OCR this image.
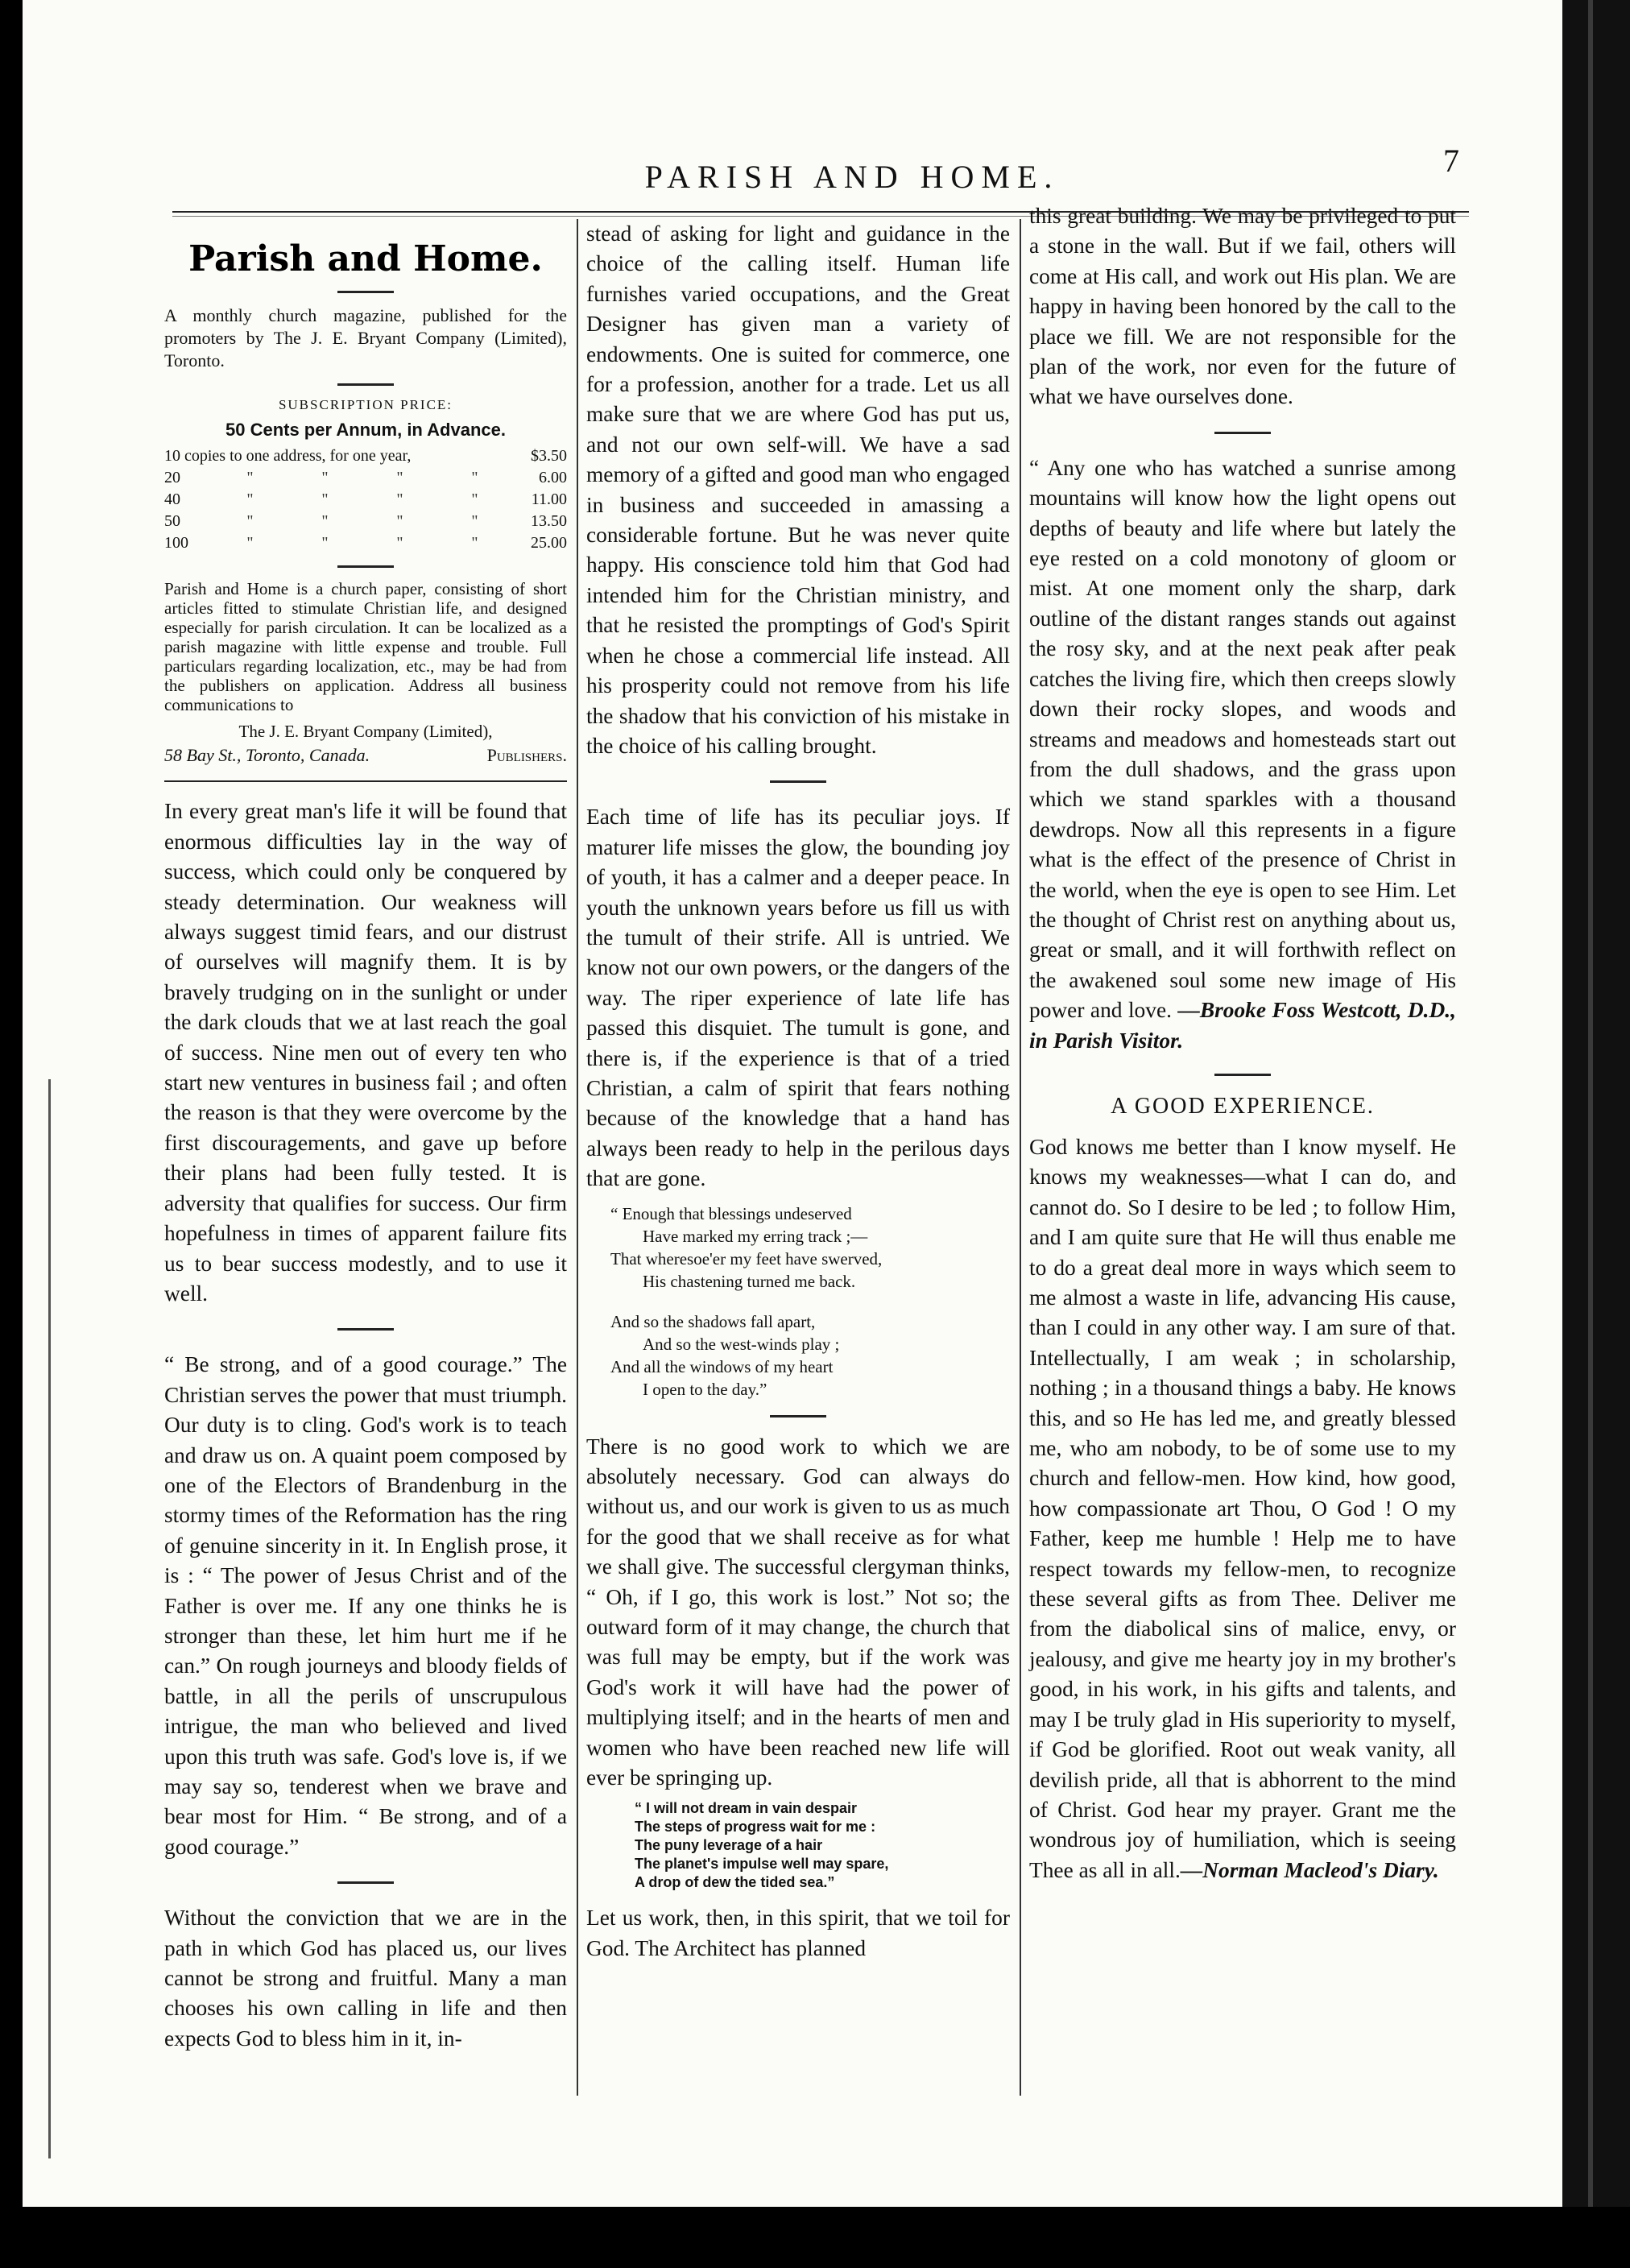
PARISH AND HOME.	7
Parish and Home.

A monthly church magazine, published for the promoters by The J. E. Bryant Company (Limited), Toronto.

SUBSCRIPTION PRICE:
50 Cents per Annum, in Advance.
10 copies to one address, for one year,					$3.50
20	"	"	"	"	6.00
40	"	"	"	"	11.00
50	"	"	"	"	13.50
100	"	"	"	"	25.00

Parish and Home is a church paper, consisting of short articles fitted to stimulate Christian life, and designed especially for parish circulation. It can be localized as a parish magazine with little expense and trouble. Full particulars regarding localization, etc., may be had from the publishers on application. Address all business communications to

The J. E. Bryant Company (Limited),

58 Bay St., Toronto, Canada.	Publishers.

In every great man's life it will be found that enormous difficulties lay in the way of success, which could only be conquered by steady determination. Our weakness will always suggest timid fears, and our distrust of ourselves will magnify them. It is by bravely trudging on in the sunlight or under the dark clouds that we at last reach the goal of success. Nine men out of every ten who start new ventures in business fail ; and often the reason is that they were overcome by the first discouragements, and gave up before their plans had been fully tested. It is adversity that qualifies for success. Our firm hopefulness in times of apparent failure fits us to bear success modestly, and to use it well.

“ Be strong, and of a good courage.” The Christian serves the power that must triumph. Our duty is to cling. God's work is to teach and draw us on. A quaint poem composed by one of the Electors of Brandenburg in the stormy times of the Reformation has the ring of genuine sincerity in it. In English prose, it is : “ The power of Jesus Christ and of the Father is over me. If any one thinks he is stronger than these, let him hurt me if he can.” On rough journeys and bloody fields of battle, in all the perils of unscrupulous intrigue, the man who believed and lived upon this truth was safe. God's love is, if we may say so, tenderest when we brave and bear most for Him. “ Be strong, and of a good courage.”

Without the conviction that we are in the path in which God has placed us, our lives cannot be strong and fruitful. Many a man chooses his own calling in life and then expects God to bless him in it, in-

stead of asking for light and guidance in the choice of the calling itself. Human life furnishes varied occupations, and the Great Designer has given man a variety of endowments. One is suited for commerce, one for a profession, another for a trade. Let us all make sure that we are where God has put us, and not our own self-will. We have a sad memory of a gifted and good man who engaged in business and succeeded in amassing a considerable fortune. But he was never quite happy. His conscience told him that God had intended him for the Christian ministry, and that he resisted the promptings of God's Spirit when he chose a commercial life instead. All his prosperity could not remove from his life the shadow that his conviction of his mistake in the choice of his calling brought.

Each time of life has its peculiar joys. If maturer life misses the glow, the bounding joy of youth, it has a calmer and a deeper peace. In youth the unknown years before us fill us with the tumult of their strife. All is untried. We know not our own powers, or the dangers of the way. The riper experience of late life has passed this disquiet. The tumult is gone, and there is, if the experience is that of a tried Christian, a calm of spirit that fears nothing because of the knowledge that a hand has always been ready to help in the perilous days that are gone.

“ Enough that blessings undeserved
Have marked my erring track ;—
That wheresoe'er my feet have swerved,
His chastening turned me back.
And so the shadows fall apart,
And so the west-winds play ;
And all the windows of my heart
I open to the day.”

There is no good work to which we are absolutely necessary. God can always do without us, and our work is given to us as much for the good that we shall receive as for what we shall give. The successful clergyman thinks, “ Oh, if I go, this work is lost.” Not so; the outward form of it may change, the church that was full may be empty, but if the work was God's work it will have had the power of multiplying itself; and in the hearts of men and women who have been reached new life will ever be springing up.

“ I will not dream in vain despair
The steps of progress wait for me :
The puny leverage of a hair
The planet's impulse well may spare,
A drop of dew the tided sea.”

Let us work, then, in this spirit, that we toil for God. The Architect has planned

this great building. We may be privileged to put a stone in the wall. But if we fail, others will come at His call, and work out His plan. We are happy in having been honored by the call to the place we fill. We are not responsible for the plan of the work, nor even for the future of what we have ourselves done.

“ Any one who has watched a sunrise among mountains will know how the light opens out depths of beauty and life where but lately the eye rested on a cold monotony of gloom or mist. At one moment only the sharp, dark outline of the distant ranges stands out against the rosy sky, and at the next peak after peak catches the living fire, which then creeps slowly down their rocky slopes, and woods and streams and meadows and homesteads start out from the dull shadows, and the grass upon which we stand sparkles with a thousand dewdrops. Now all this represents in a figure what is the effect of the presence of Christ in the world, when the eye is open to see Him. Let the thought of Christ rest on anything about us, great or small, and it will forthwith reflect on the awakened soul some new image of His power and love. —Brooke Foss Westcott, D.D., in Parish Visitor.

A GOOD EXPERIENCE.

God knows me better than I know myself. He knows my weaknesses—what I can do, and cannot do. So I desire to be led ; to follow Him, and I am quite sure that He will thus enable me to do a great deal more in ways which seem to me almost a waste in life, advancing His cause, than I could in any other way. I am sure of that. Intellectually, I am weak ; in scholarship, nothing ; in a thousand things a baby. He knows this, and so He has led me, and greatly blessed me, who am nobody, to be of some use to my church and fellow-men. How kind, how good, how compassionate art Thou, O God ! O my Father, keep me humble ! Help me to have respect towards my fellow-men, to recognize these several gifts as from Thee. Deliver me from the diabolical sins of malice, envy, or jealousy, and give me hearty joy in my brother's good, in his work, in his gifts and talents, and may I be truly glad in His superiority to myself, if God be glorified. Root out weak vanity, all devilish pride, all that is abhorrent to the mind of Christ. God hear my prayer. Grant me the wondrous joy of humiliation, which is seeing Thee as all in all.—Norman Macleod's Diary.
